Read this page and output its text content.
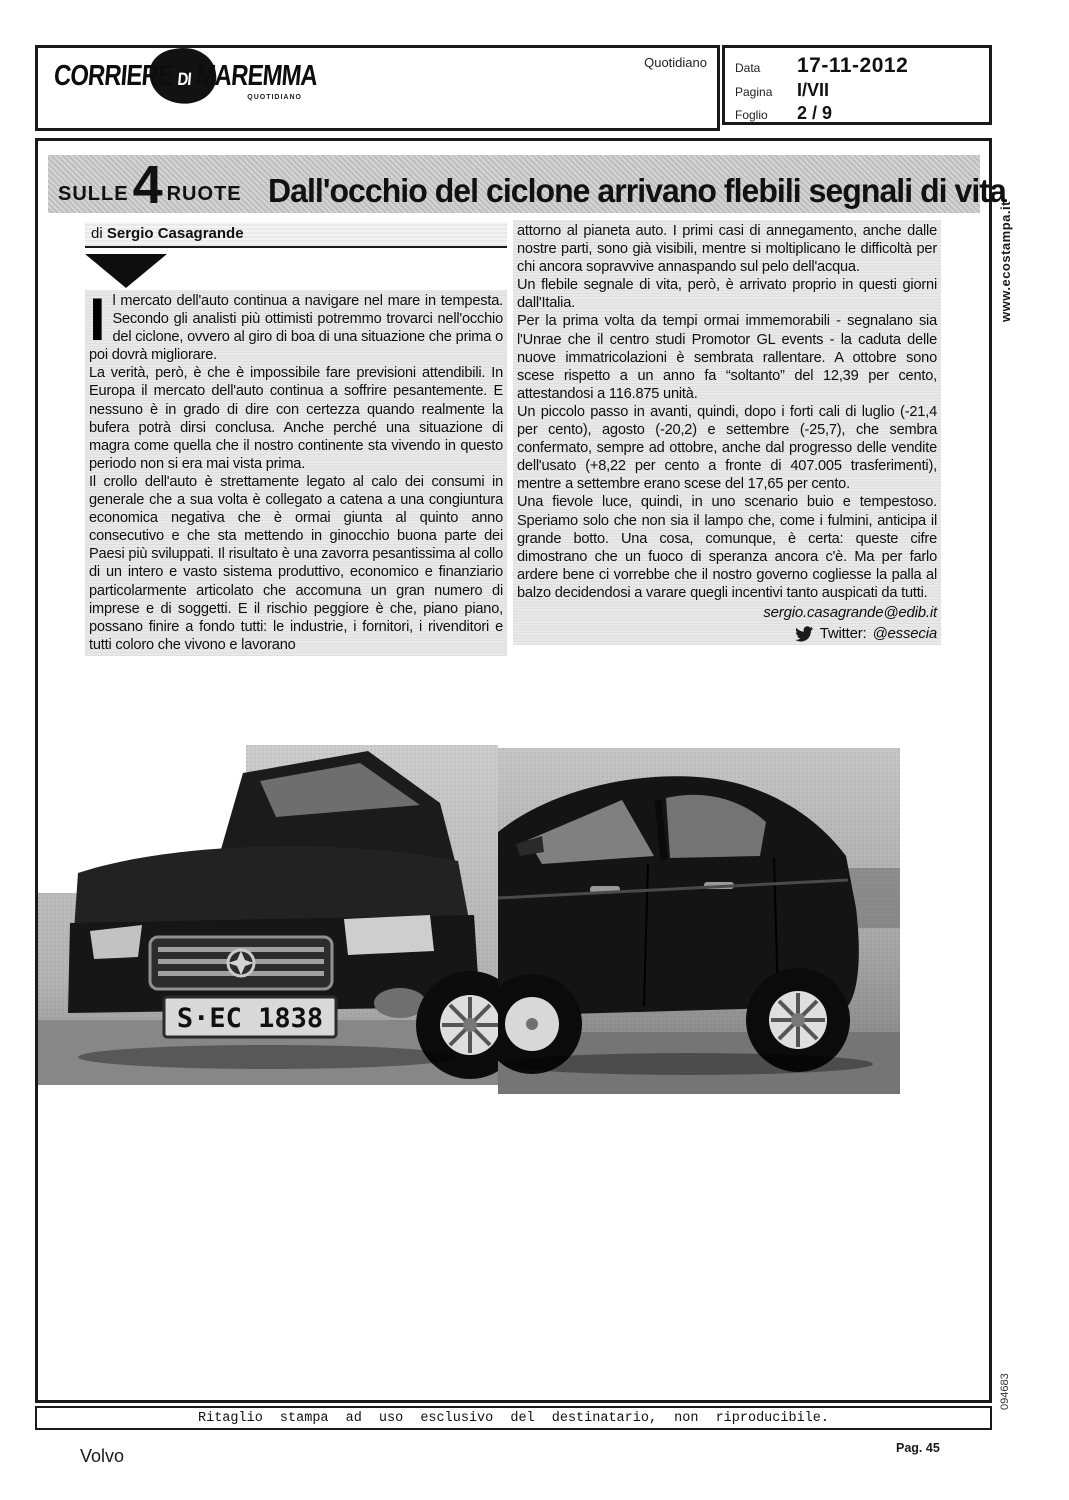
CORRIERE DI MAREMMA
QUOTIDIANO
Quotidiano Data	17-11-2012
Pagina	I/VII
Foglio	2 / 9
www.ecostampa.it
094683
SULLE 4 RUOTE Dall'occhio del ciclone arrivano flebili segnali di vita
di Sergio Casagrande

Il mercato dell'auto continua a navigare nel mare in tempesta. Secondo gli analisti più ottimisti potremmo trovarci nell'occhio del ciclone, ovvero al giro di boa di una situazione che prima o poi dovrà migliorare.

La verità, però, è che è impossibile fare previsioni attendibili. In Europa il mercato dell'auto continua a soffrire pesantemente. E nessuno è in grado di dire con certezza quando realmente la bufera potrà dirsi conclusa. Anche perché una situazione di magra come quella che il nostro continente sta vivendo in questo periodo non si era mai vista prima.

Il crollo dell'auto è strettamente legato al calo dei consumi in generale che a sua volta è collegato a catena a una congiuntura economica negativa che è ormai giunta al quinto anno consecutivo e che sta mettendo in ginocchio buona parte dei Paesi più sviluppati. Il risultato è una zavorra pesantissima al collo di un intero e vasto sistema produttivo, economico e finanziario particolarmente articolato che accomuna un gran numero di imprese e di soggetti. E il rischio peggiore è che, piano piano, possano finire a fondo tutti: le industrie, i fornitori, i rivenditori e tutti coloro che vivono e lavorano

attorno al pianeta auto. I primi casi di annegamento, anche dalle nostre parti, sono già visibili, mentre si moltiplicano le difficoltà per chi ancora sopravvive annaspando sul pelo dell'acqua.

Un flebile segnale di vita, però, è arrivato proprio in questi giorni dall'Italia.

Per la prima volta da tempi ormai immemorabili - segnalano sia l'Unrae che il centro studi Promotor GL events - la caduta delle nuove immatricolazioni è sembrata rallentare. A ottobre sono scese rispetto a un anno fa “soltanto” del 12,39 per cento, attestandosi a 116.875 unità.

Un piccolo passo in avanti, quindi, dopo i forti cali di luglio (-21,4 per cento), agosto (-20,2) e settembre (-25,7), che sembra confermato, sempre ad ottobre, anche dal progresso delle vendite dell'usato (+8,22 per cento a fronte di 407.005 trasferimenti), mentre a settembre erano scese del 17,65 per cento.

Una fievole luce, quindi, in uno scenario buio e tempestoso. Speriamo solo che non sia il lampo che, come i fulmini, anticipa il grande botto. Una cosa, comunque, è certa: queste cifre dimostrano che un fuoco di speranza ancora c'è. Ma per farlo ardere bene ci vorrebbe che il nostro governo cogliesse la palla al balzo decidendosi a varare quegli incentivi tanto auspicati da tutti.

sergio.casagrande@edib.it
Twitter: @essecia
S·EC 1838
Ritaglio stampa ad uso esclusivo del destinatario, non riproducibile.
Volvo	Pag. 45
